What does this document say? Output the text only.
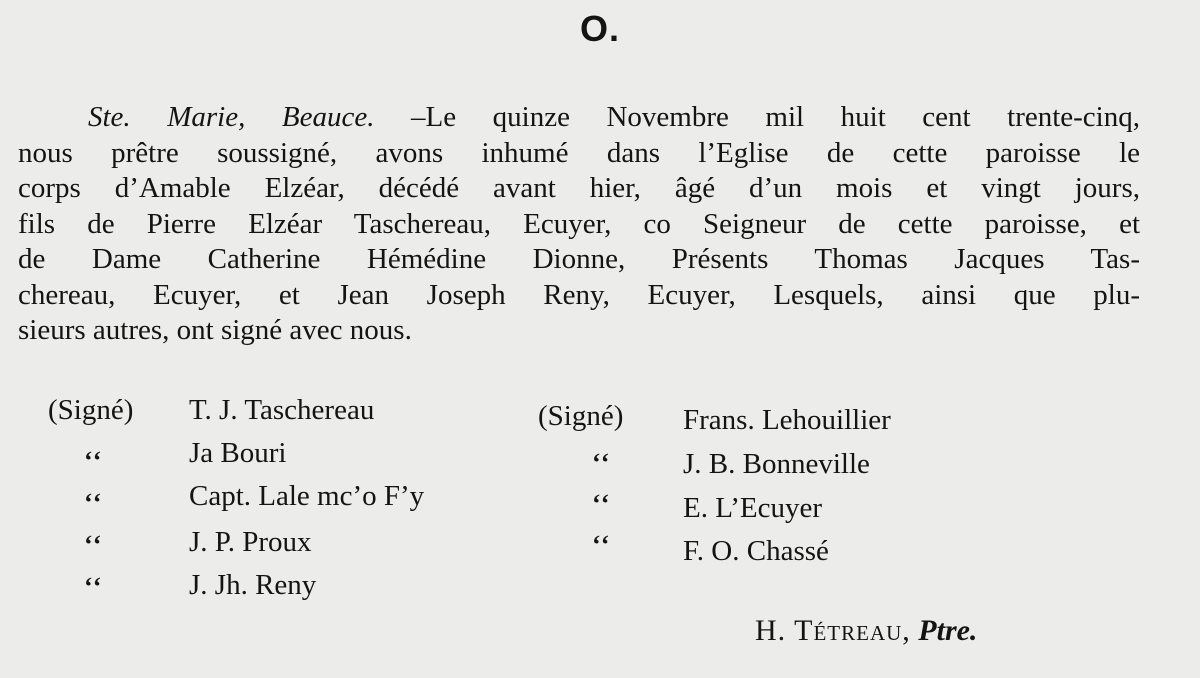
O.
Ste. Marie, Beauce. –Le quinze Novembre mil huit cent trente-cinq,
nous prêtre soussigné, avons inhumé dans l’Eglise de cette paroisse le
corps d’Amable Elzéar, décédé avant hier, âgé d’un mois et vingt jours,
fils de Pierre Elzéar Taschereau, Ecuyer, co Seigneur de cette paroisse, et
de Dame Catherine Hémédine Dionne, Présents Thomas Jacques Tas-
chereau, Ecuyer, et Jean Joseph Reny, Ecuyer, Lesquels, ainsi que plu-
sieurs autres, ont signé avec nous.
(Signé)
‘‘
‘‘
‘‘
‘‘
T. J. Taschereau
Ja Bouri
Capt. Lale mc’o F’y
J. P. Proux
J. Jh. Reny
(Signé)
‘‘
‘‘
‘‘
Frans. Lehouillier
J. B. Bonneville
E. L’Ecuyer
F. O. Chassé
H. Tétreau, Ptre.
